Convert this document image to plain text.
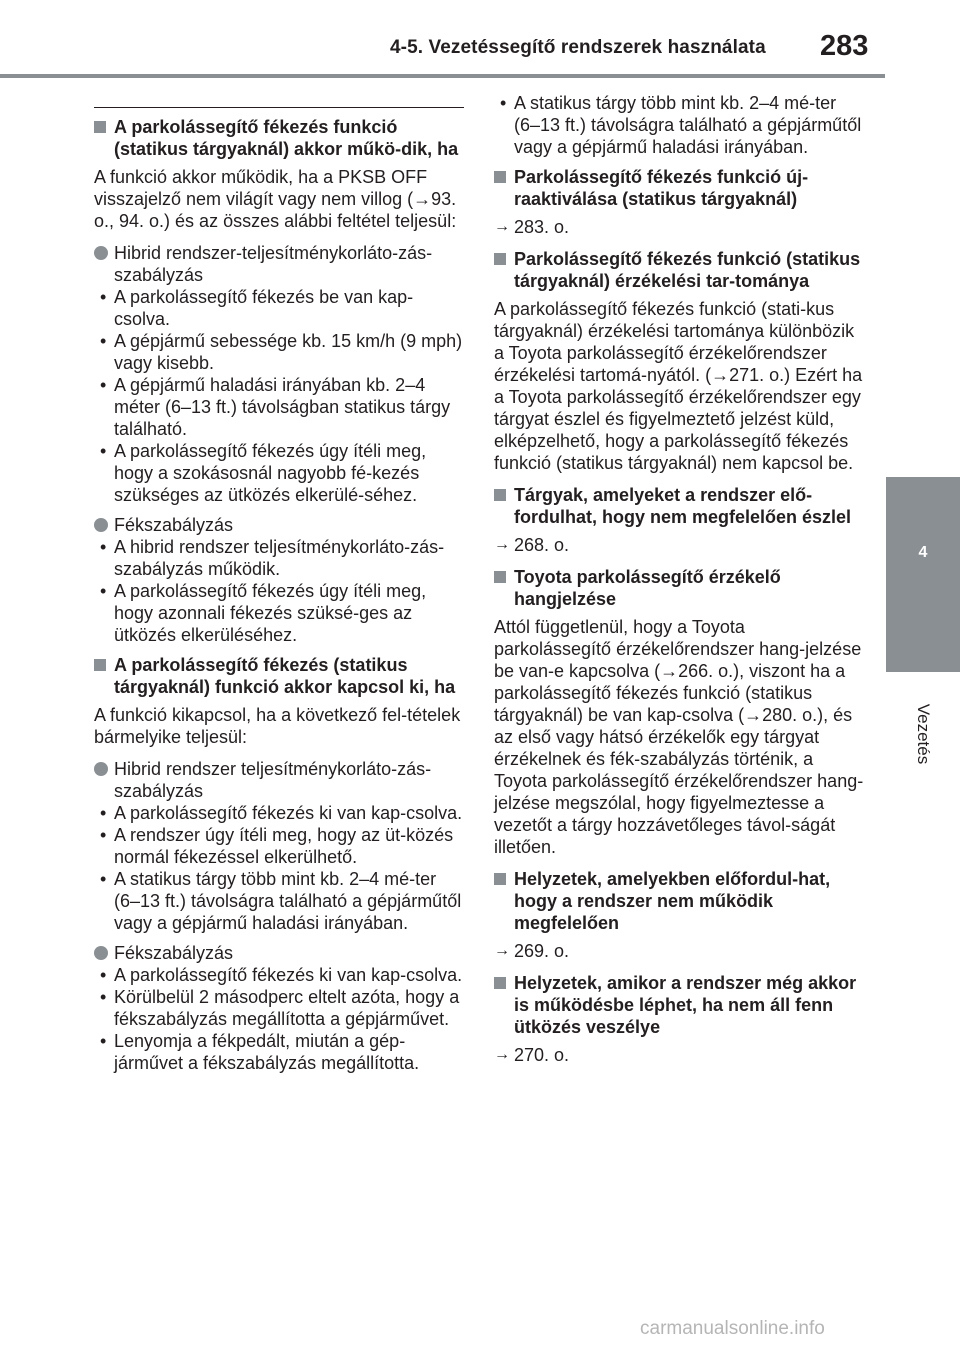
4-5. Vezetéssegítő rendszerek használata 283
4
Vezetés
A parkolássegítő fékezés funkció (statikus tárgyaknál) akkor műkö-dik, ha
A funkció akkor működik, ha a PKSB OFF visszajelző nem világít vagy nem villog (→93. o., 94. o.) és az összes alábbi feltétel teljesül:
Hibrid rendszer-teljesítménykorláto-zás-szabályzás
• A parkolássegítő fékezés be van kap-csolva.
• A gépjármű sebessége kb. 15 km/h (9 mph) vagy kisebb.
• A gépjármű haladási irányában kb. 2–4 méter (6–13 ft.) távolságban statikus tárgy található.
• A parkolássegítő fékezés úgy ítéli meg, hogy a szokásosnál nagyobb fé-kezés szükséges az ütközés elkerülé-séhez.
Fékszabályzás
• A hibrid rendszer teljesítménykorláto-zás-szabályzás működik.
• A parkolássegítő fékezés úgy ítéli meg, hogy azonnali fékezés szüksé-ges az ütközés elkerüléséhez.
A parkolássegítő fékezés (statikus tárgyaknál) funkció akkor kapcsol ki, ha
A funkció kikapcsol, ha a következő fel-tételek bármelyike teljesül:
Hibrid rendszer teljesítménykorláto-zás-szabályzás
• A parkolássegítő fékezés ki van kap-csolva.
• A rendszer úgy ítéli meg, hogy az üt-közés normál fékezéssel elkerülhető.
• A statikus tárgy több mint kb. 2–4 mé-ter (6–13 ft.) távolságra található a gépjárműtől vagy a gépjármű haladási irányában.
Fékszabályzás
• A parkolássegítő fékezés ki van kap-csolva.
• Körülbelül 2 másodperc eltelt azóta, hogy a fékszabályzás megállította a gépjárművet.
• Lenyomja a fékpedált, miután a gép-járművet a fékszabályzás megállította.
• A statikus tárgy több mint kb. 2–4 mé-ter (6–13 ft.) távolságra található a gépjárműtől vagy a gépjármű haladási irányában.
Parkolássegítő fékezés funkció új-raaktiválása (statikus tárgyaknál)
→ 283. o.
Parkolássegítő fékezés funkció (statikus tárgyaknál) érzékelési tar-tománya
A parkolássegítő fékezés funkció (stati-kus tárgyaknál) érzékelési tartománya különbözik a Toyota parkolássegítő érzékelőrendszer érzékelési tartomá-nyától. (→271. o.) Ezért ha a Toyota parkolássegítő érzékelőrendszer egy tárgyat észlel és figyelmeztető jelzést küld, elképzelhető, hogy a parkolássegítő fékezés funkció (statikus tárgyaknál) nem kapcsol be.
Tárgyak, amelyeket a rendszer elő-fordulhat, hogy nem megfelelően észlel
→ 268. o.
Toyota parkolássegítő érzékelő hangjelzése
Attól függetlenül, hogy a Toyota parkolássegítő érzékelőrendszer hang-jelzése be van-e kapcsolva (→266. o.), viszont ha a parkolássegítő fékezés funkció (statikus tárgyaknál) be van kap-csolva (→280. o.), és az első vagy hátsó érzékelők egy tárgyat érzékelnek és fék-szabályzás történik, a Toyota parkolássegítő érzékelőrendszer hang-jelzése megszólal, hogy figyelmeztesse a vezetőt a tárgy hozzávetőleges távol-ságát illetően.
Helyzetek, amelyekben előfordul-hat, hogy a rendszer nem működik megfelelően
→ 269. o.
Helyzetek, amikor a rendszer még akkor is működésbe léphet, ha nem áll fenn ütközés veszélye
→ 270. o.
carmanualsonline.info
